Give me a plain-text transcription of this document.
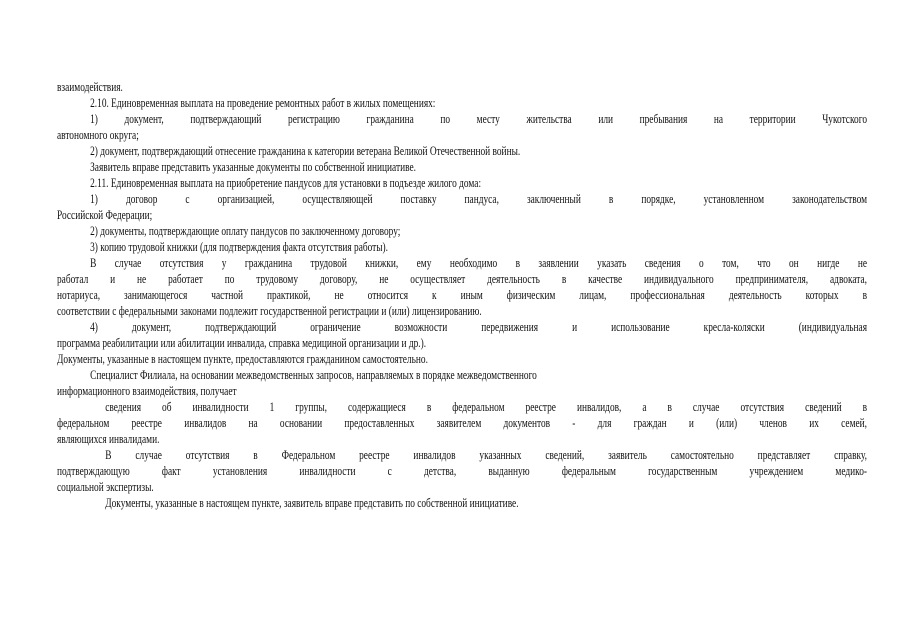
взаимодействия.
2.10. Единовременная выплата на проведение ремонтных работ в жилых помещениях:
1) документ, подтверждающий регистрацию гражданина по месту жительства или пребывания на территории Чукотского
автономного округа;
2) документ, подтверждающий отнесение гражданина к категории ветерана Великой Отечественной войны.
Заявитель вправе представить указанные документы по собственной инициативе.
2.11. Единовременная выплата на приобретение пандусов для установки в подъезде жилого дома:
1) договор с организацией, осуществляющей поставку пандуса, заключенный в порядке, установленном законодательством
Российской Федерации;
2) документы, подтверждающие оплату пандусов по заключенному договору;
3) копию трудовой книжки (для подтверждения факта отсутствия работы).
В случае отсутствия у гражданина трудовой книжки, ему необходимо в заявлении указать сведения о том, что он нигде не
работал и не работает по трудовому договору, не осуществляет деятельность в качестве индивидуального предпринимателя, адвоката,
нотариуса, занимающегося частной практикой, не относится к иным физическим лицам, профессиональная деятельность которых в
соответствии с федеральными законами подлежит государственной регистрации и (или) лицензированию.
4) документ, подтверждающий ограничение возможности передвижения и использование кресла-коляски (индивидуальная
программа реабилитации или абилитации инвалида, справка медициной организации и др.).
Документы, указанные в настоящем пункте, предоставляются гражданином самостоятельно.
Специалист Филиала, на основании межведомственных запросов, направляемых в порядке межведомственного
информационного взаимодействия, получает
сведения об инвалидности 1 группы, содержащиеся в федеральном реестре инвалидов, а в случае отсутствия сведений в
федеральном реестре инвалидов на основании предоставленных заявителем документов - для граждан и (или) членов их семей,
являющихся инвалидами.
В случае отсутствия в Федеральном реестре инвалидов указанных сведений, заявитель самостоятельно представляет справку,
подтверждающую факт установления инвалидности с детства, выданную федеральным государственным учреждением медико-
социальной экспертизы.
Документы, указанные в настоящем пункте, заявитель вправе представить по собственной инициативе.
